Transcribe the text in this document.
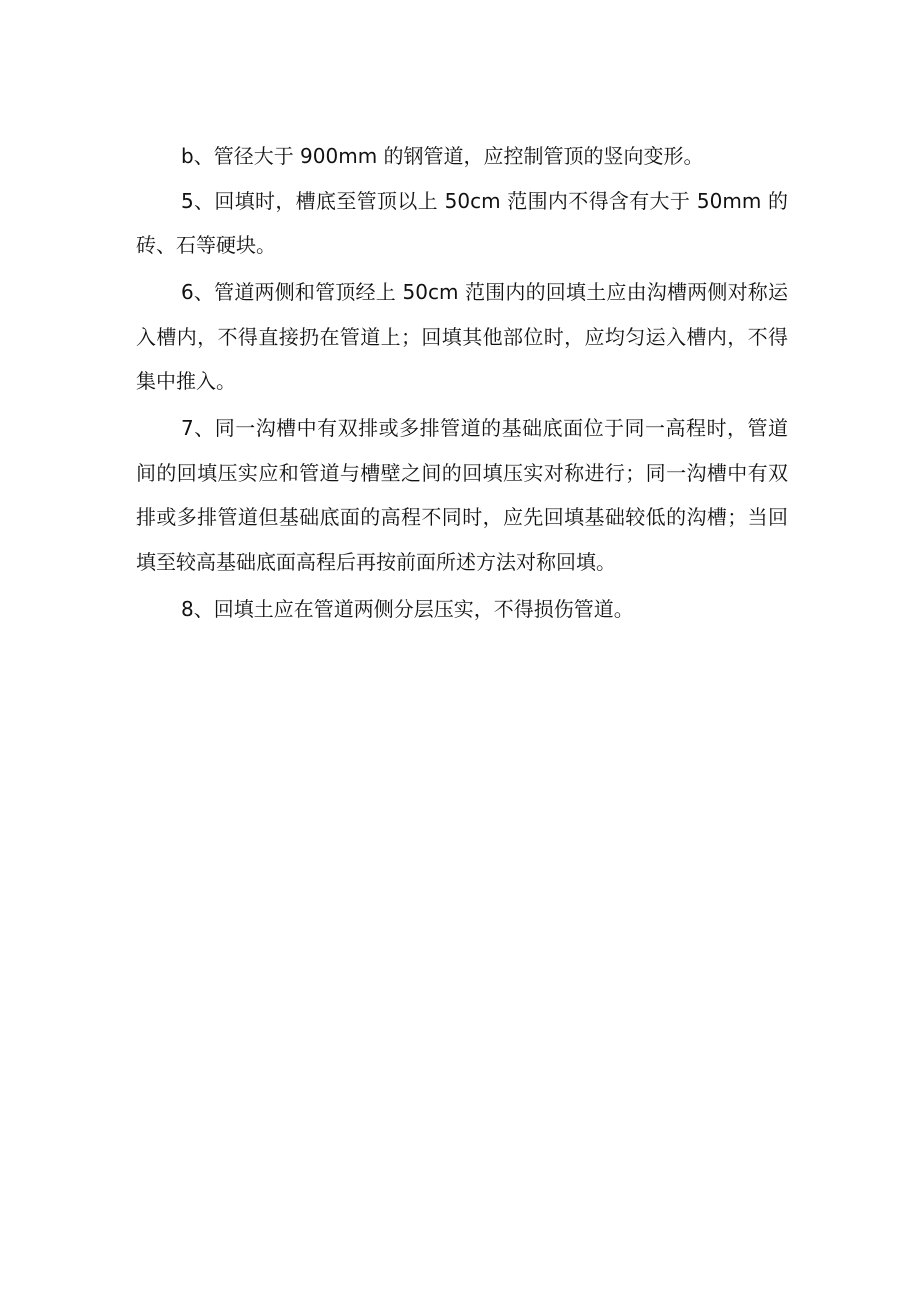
b、管径大于 900mm 的钢管道，应控制管顶的竖向变形。

5、回填时，槽底至管顶以上 50cm 范围内不得含有大于 50mm 的砖、石等硬块。

6、管道两侧和管顶经上 50cm 范围内的回填土应由沟槽两侧对称运入槽内，不得直接扔在管道上；回填其他部位时，应均匀运入槽内，不得集中推入。

7、同一沟槽中有双排或多排管道的基础底面位于同一高程时，管道间的回填压实应和管道与槽壁之间的回填压实对称进行；同一沟槽中有双排或多排管道但基础底面的高程不同时，应先回填基础较低的沟槽；当回填至较高基础底面高程后再按前面所述方法对称回填。

8、回填土应在管道两侧分层压实，不得损伤管道。
